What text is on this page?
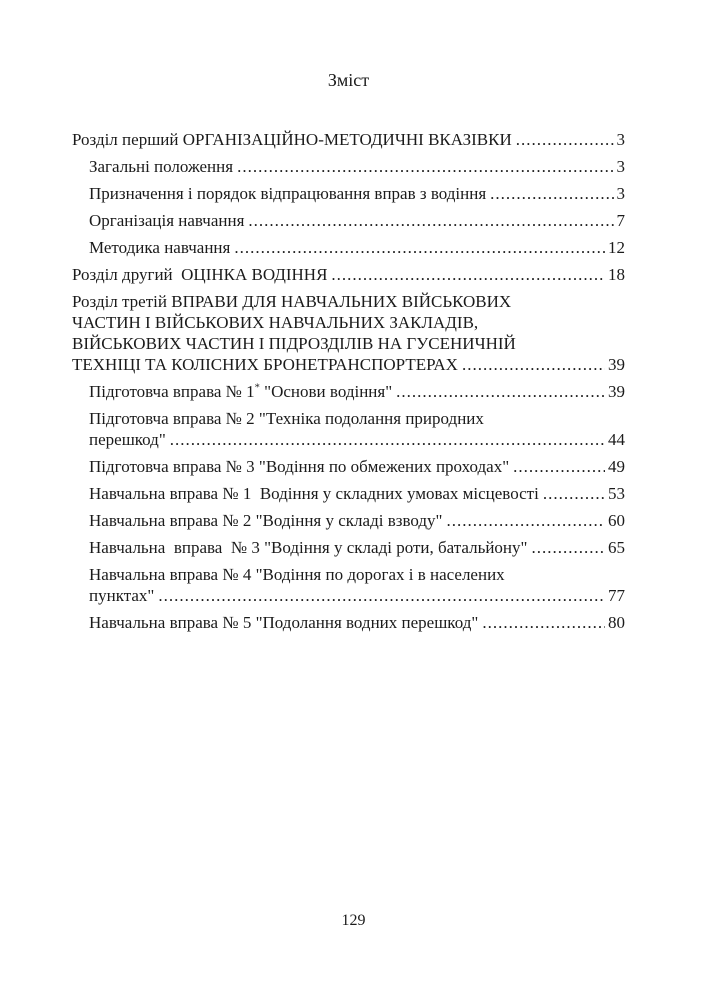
Зміст
Розділ перший ОРГАНІЗАЦІЙНО-МЕТОДИЧНІ ВКАЗІВКИ .....	3
Загальні положення .....	3
Призначення і порядок відпрацювання вправ з водіння .....	3
Організація навчання .....	7
Методика навчання .....	12
Розділ другий  ОЦІНКА ВОДІННЯ .....	18
Розділ третій ВПРАВИ ДЛЯ НАВЧАЛЬНИХ ВІЙСЬКОВИХ
ЧАСТИН І ВІЙСЬКОВИХ НАВЧАЛЬНИХ ЗАКЛАДІВ,
ВІЙСЬКОВИХ ЧАСТИН І ПІДРОЗДІЛІВ НА ГУСЕНИЧНІЙ
ТЕХНІЦІ ТА КОЛІСНИХ БРОНЕТРАНСПОРТЕРАХ .....	39
Підготовча вправа № 1* "Основи водіння" .....	39
Підготовча вправа № 2 "Техніка подолання природних
перешкод" .....	44
Підготовча вправа № 3 "Водіння по обмежених проходах" .....	49
Навчальна вправа № 1  Водіння у складних умовах місцевості .....	53
Навчальна вправа № 2 "Водіння у складі взводу" .....	60
Навчальна  вправа  № 3 "Водіння у складі роти, батальйону" .....	65
Навчальна вправа № 4 "Водіння по дорогах і в населених
пунктах" .....	77
Навчальна вправа № 5 "Подолання водних перешкод" .....	80
129
